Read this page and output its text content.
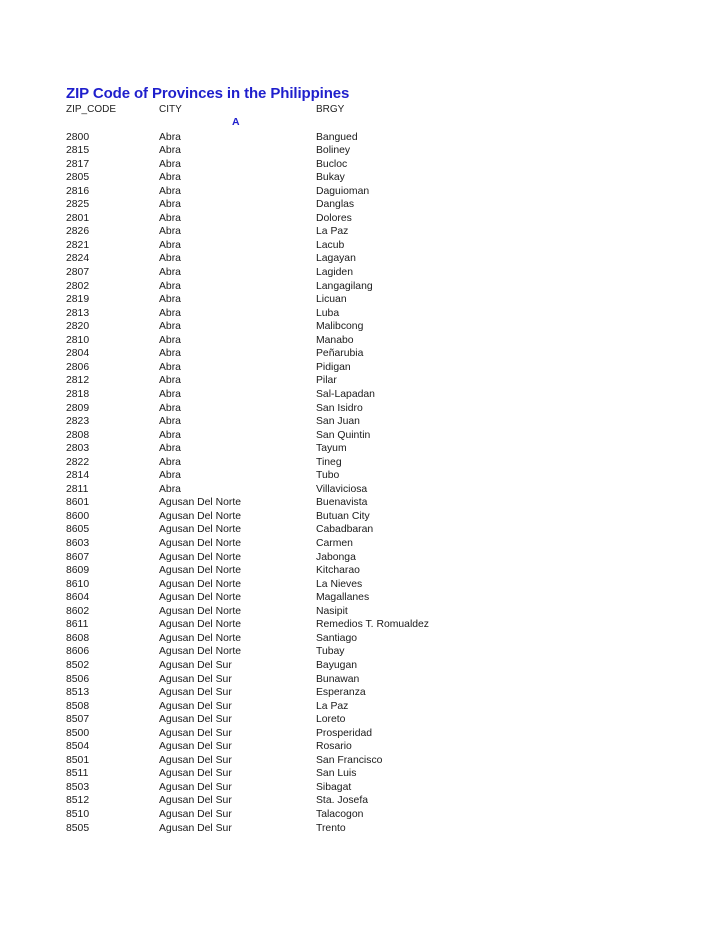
ZIP Code of Provinces in the Philippines
ZIP_CODE	CITY	BRGY
A
2800	Abra	Bangued
2815	Abra	Boliney
2817	Abra	Bucloc
2805	Abra	Bukay
2816	Abra	Daguioman
2825	Abra	Danglas
2801	Abra	Dolores
2826	Abra	La Paz
2821	Abra	Lacub
2824	Abra	Lagayan
2807	Abra	Lagiden
2802	Abra	Langagilang
2819	Abra	Licuan
2813	Abra	Luba
2820	Abra	Malibcong
2810	Abra	Manabo
2804	Abra	Peñarubia
2806	Abra	Pidigan
2812	Abra	Pilar
2818	Abra	Sal-Lapadan
2809	Abra	San Isidro
2823	Abra	San Juan
2808	Abra	San Quintin
2803	Abra	Tayum
2822	Abra	Tineg
2814	Abra	Tubo
2811	Abra	Villaviciosa
8601	Agusan Del Norte	Buenavista
8600	Agusan Del Norte	Butuan City
8605	Agusan Del Norte	Cabadbaran
8603	Agusan Del Norte	Carmen
8607	Agusan Del Norte	Jabonga
8609	Agusan Del Norte	Kitcharao
8610	Agusan Del Norte	La Nieves
8604	Agusan Del Norte	Magallanes
8602	Agusan Del Norte	Nasipit
8611	Agusan Del Norte	Remedios T. Romualdez
8608	Agusan Del Norte	Santiago
8606	Agusan Del Norte	Tubay
8502	Agusan Del Sur	Bayugan
8506	Agusan Del Sur	Bunawan
8513	Agusan Del Sur	Esperanza
8508	Agusan Del Sur	La Paz
8507	Agusan Del Sur	Loreto
8500	Agusan Del Sur	Prosperidad
8504	Agusan Del Sur	Rosario
8501	Agusan Del Sur	San Francisco
8511	Agusan Del Sur	San Luis
8503	Agusan Del Sur	Sibagat
8512	Agusan Del Sur	Sta. Josefa
8510	Agusan Del Sur	Talacogon
8505	Agusan Del Sur	Trento
